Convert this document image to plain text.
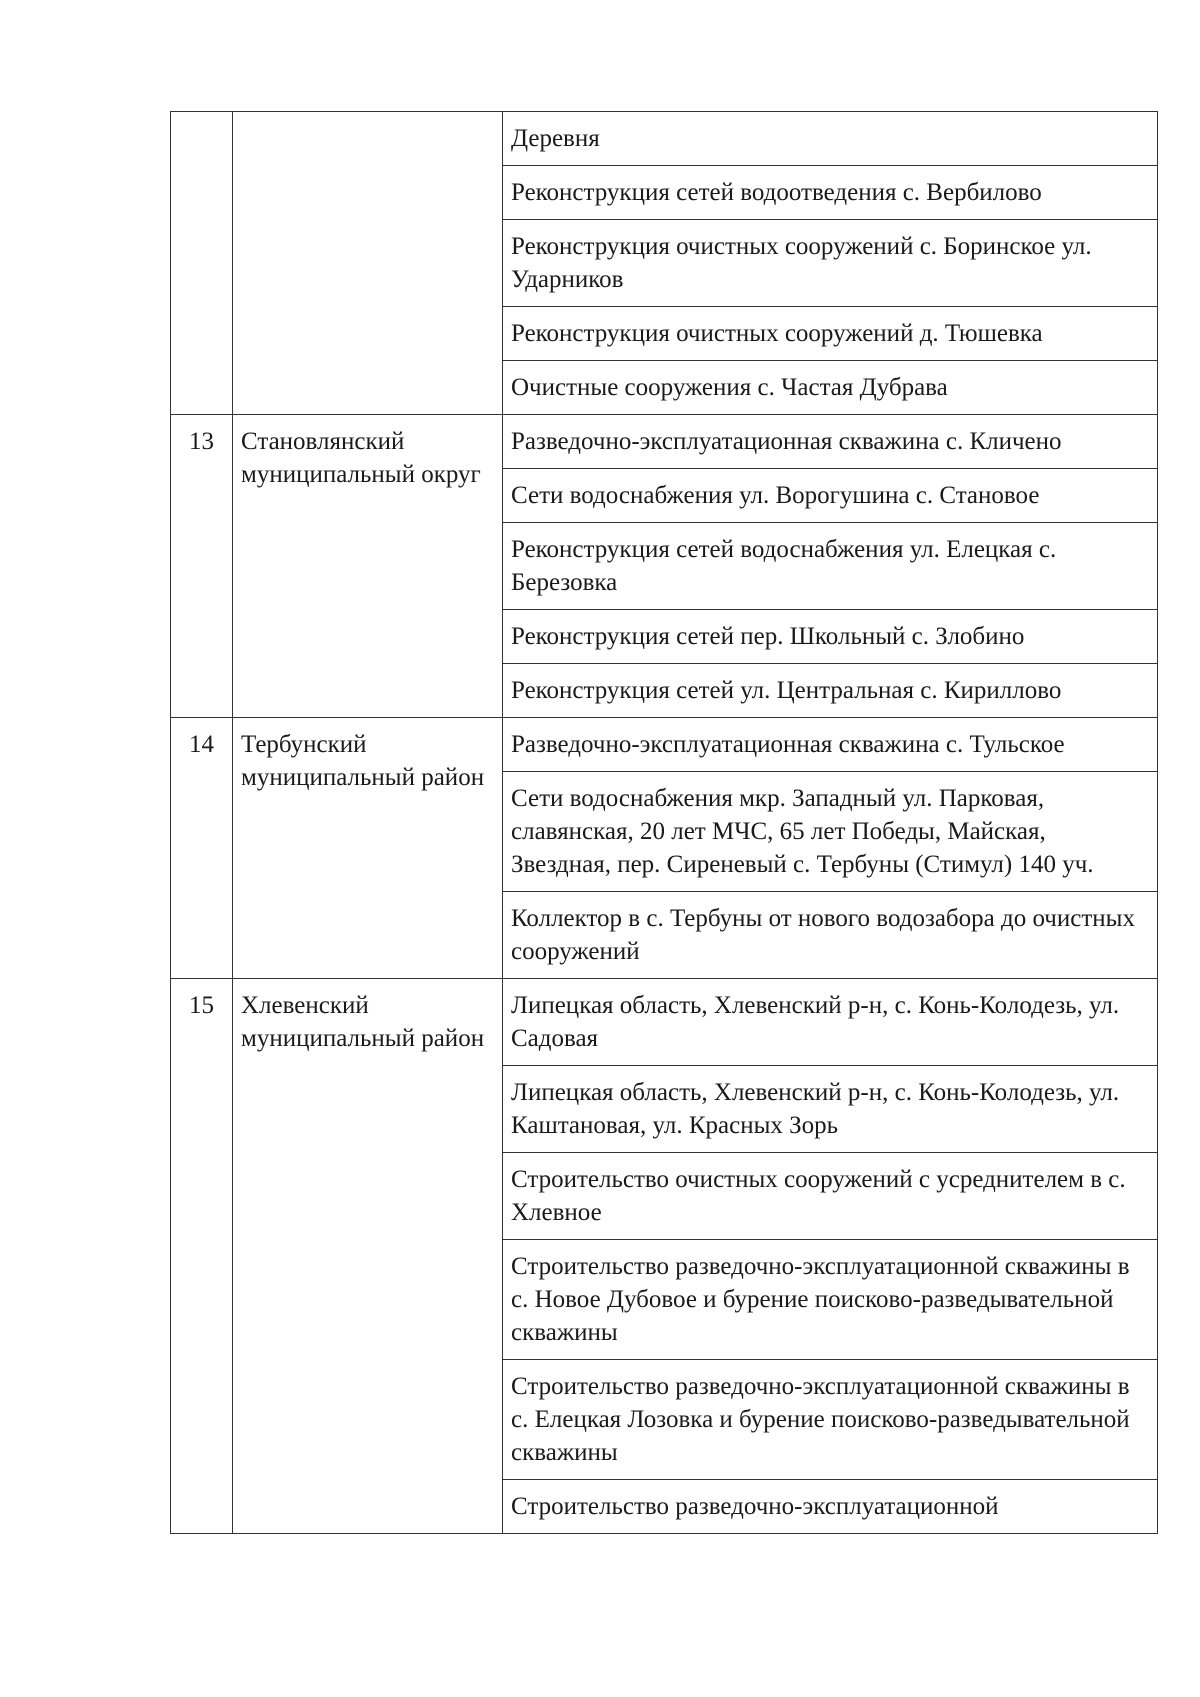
		Деревня

		Реконструкция сетей водоотведения с. Вербилово

		Реконструкция очистных сооружений с. Боринское ул. Ударников

		Реконструкция очистных сооружений д. Тюшевка

		Очистные сооружения с. Частая Дубрава

13	Становлянский муниципальный округ	Разведочно-эксплуатационная скважина с. Кличено

		Сети водоснабжения ул. Ворогушина с. Становое

		Реконструкция сетей водоснабжения ул. Елецкая с. Березовка

		Реконструкция сетей пер. Школьный с. Злобино

		Реконструкция сетей ул. Центральная с. Кириллово

14	Тербунский муниципальный район	Разведочно-эксплуатационная скважина с. Тульское

		Сети водоснабжения мкр. Западный ул. Парковая, славянская, 20 лет МЧС, 65 лет Победы, Майская, Звездная, пер. Сиреневый с. Тербуны (Стимул) 140 уч.

		Коллектор в с. Тербуны от нового водозабора до очистных сооружений

15	Хлевенский муниципальный район	Липецкая область, Хлевенский р-н, с. Конь-Колодезь, ул. Садовая

		Липецкая область, Хлевенский р-н, с. Конь-Колодезь, ул. Каштановая, ул. Красных Зорь

		Строительство очистных сооружений с усреднителем в с. Хлевное

		Строительство разведочно-эксплуатационной скважины в с. Новое Дубовое и бурение поисково-разведывательной скважины

		Строительство разведочно-эксплуатационной скважины в с. Елецкая Лозовка и бурение поисково-разведывательной скважины

		Строительство разведочно-эксплуатационной
